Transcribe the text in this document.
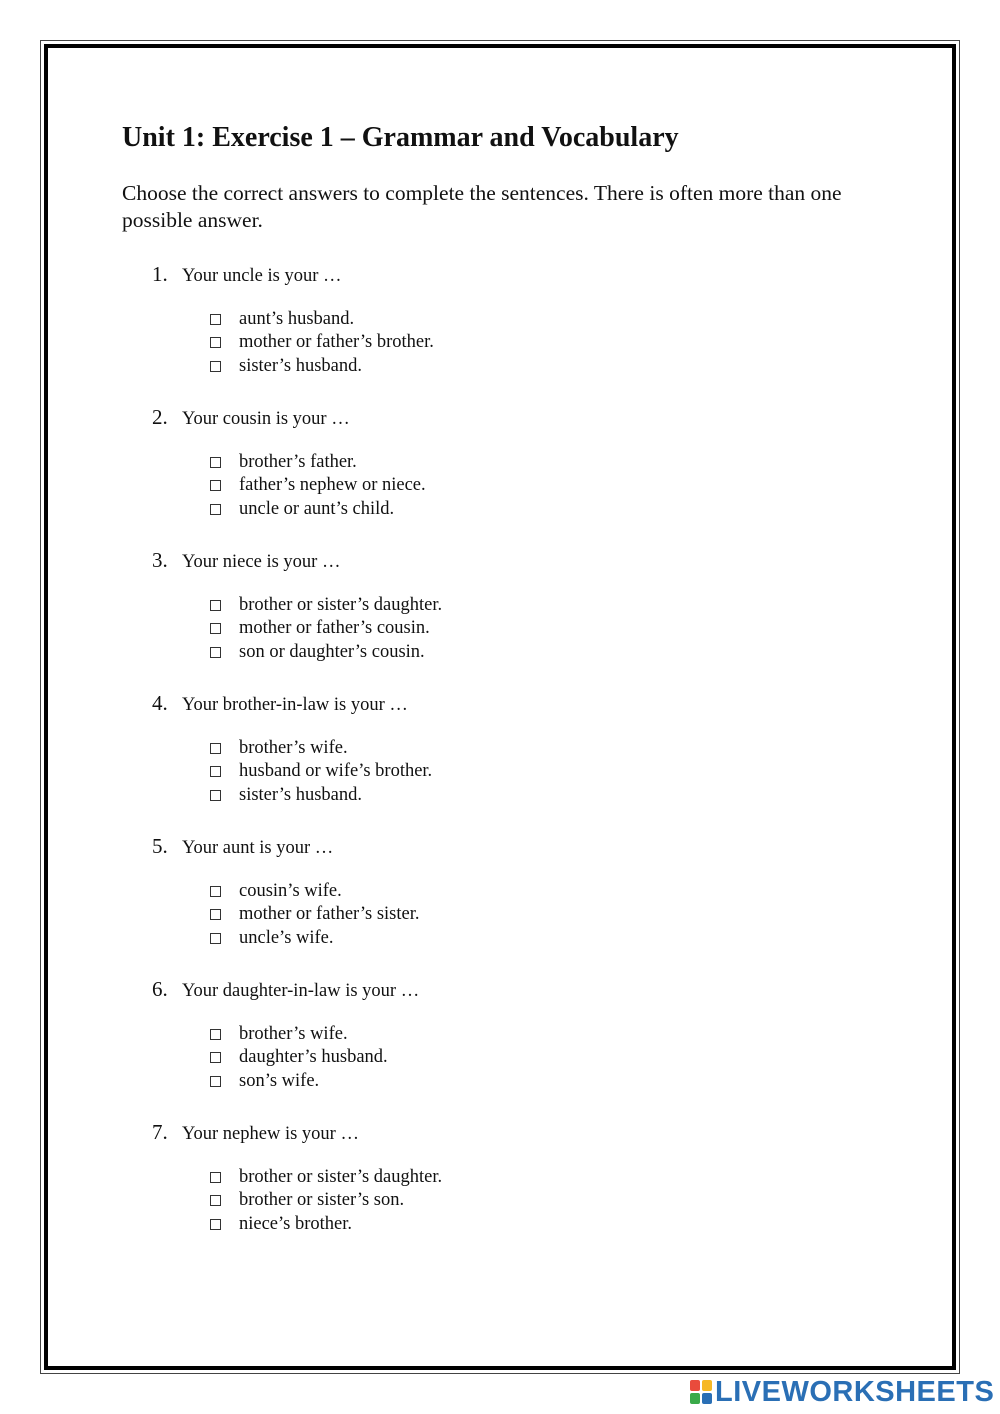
Unit 1: Exercise 1 – Grammar and Vocabulary

Choose the correct answers to complete the sentences. There is often more than one possible answer.

1. Your uncle is your …
aunt’s husband.
mother or father’s brother.
sister’s husband.
2. Your cousin is your …
brother’s father.
father’s nephew or niece.
uncle or aunt’s child.
3. Your niece is your …
brother or sister’s daughter.
mother or father’s cousin.
son or daughter’s cousin.
4. Your brother-in-law is your …
brother’s wife.
husband or wife’s brother.
sister’s husband.
5. Your aunt is your …
cousin’s wife.
mother or father’s sister.
uncle’s wife.
6. Your daughter-in-law is your …
brother’s wife.
daughter’s husband.
son’s wife.
7. Your nephew is your …
brother or sister’s daughter.
brother or sister’s son.
niece’s brother.
LIVEWORKSHEETS
